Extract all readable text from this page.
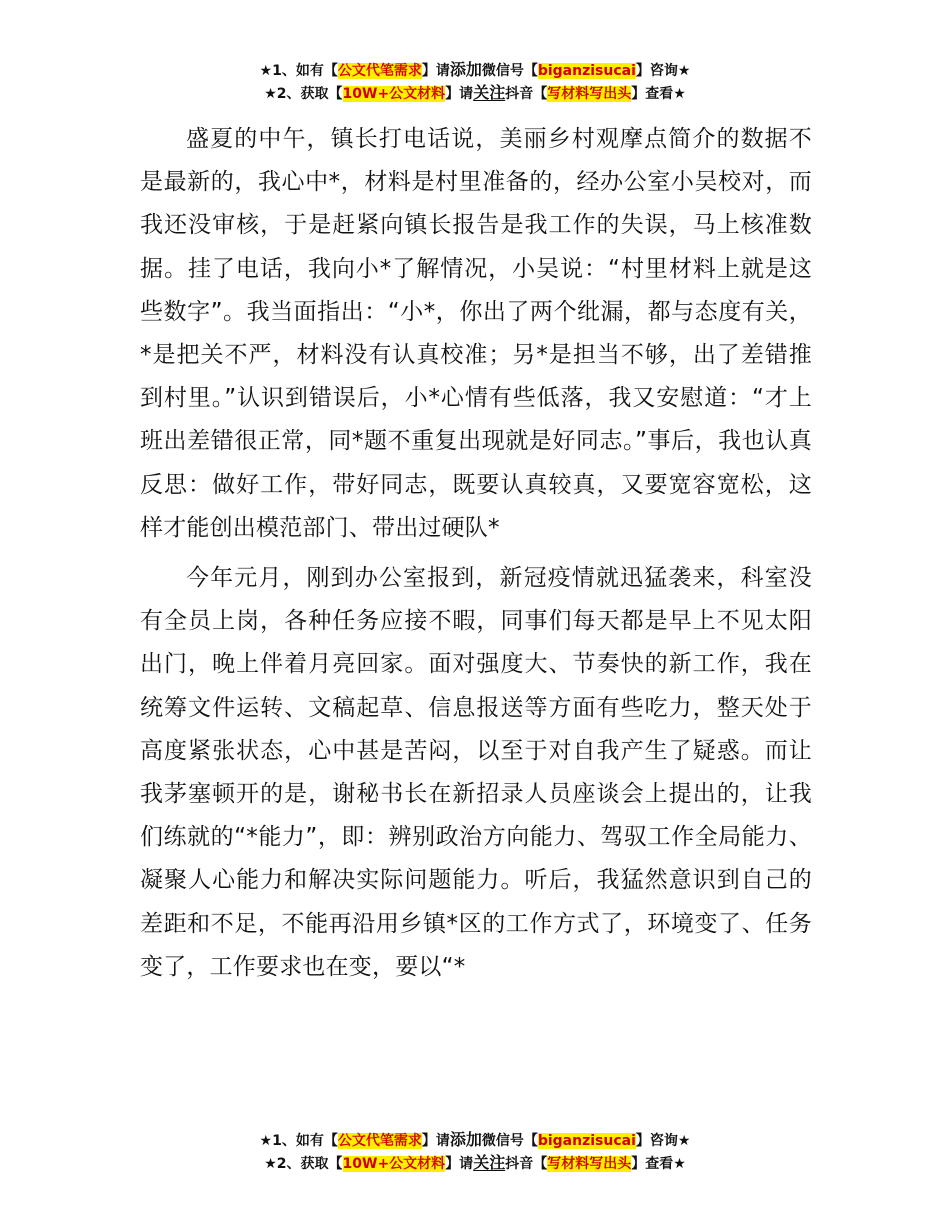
★1、如有【公文代笔需求】请添加微信号【biganzisucai】咨询★
★2、获取【10W+公文材料】请关注抖音【写材料写出头】查看★

盛夏的中午，镇长打电话说，美丽乡村观摩点简介的数据不是最新的，我心中*，材料是村里准备的，经办公室小吴校对，而我还没审核，于是赶紧向镇长报告是我工作的失误，马上核准数据。挂了电话，我向小*了解情况，小吴说：“村里材料上就是这些数字”。我当面指出：“小*，你出了两个纰漏，都与态度有关，*是把关不严，材料没有认真校准；另*是担当不够，出了差错推到村里。”认识到错误后，小*心情有些低落，我又安慰道：“才上班出差错很正常，同*题不重复出现就是好同志。”事后，我也认真反思：做好工作，带好同志，既要认真较真，又要宽容宽松，这样才能创出模范部门、带出过硬队*

今年元月，刚到办公室报到，新冠疫情就迅猛袭来，科室没有全员上岗，各种任务应接不暇，同事们每天都是早上不见太阳出门，晚上伴着月亮回家。面对强度大、节奏快的新工作，我在统筹文件运转、文稿起草、信息报送等方面有些吃力，整天处于高度紧张状态，心中甚是苦闷，以至于对自我产生了疑惑。而让我茅塞顿开的是，谢秘书长在新招录人员座谈会上提出的，让我们练就的“*能力”，即：辨别政治方向能力、驾驭工作全局能力、凝聚人心能力和解决实际问题能力。听后，我猛然意识到自己的差距和不足，不能再沿用乡镇*区的工作方式了，环境变了、任务变了，工作要求也在变，要以“*

★1、如有【公文代笔需求】请添加微信号【biganzisucai】咨询★
★2、获取【10W+公文材料】请关注抖音【写材料写出头】查看★
